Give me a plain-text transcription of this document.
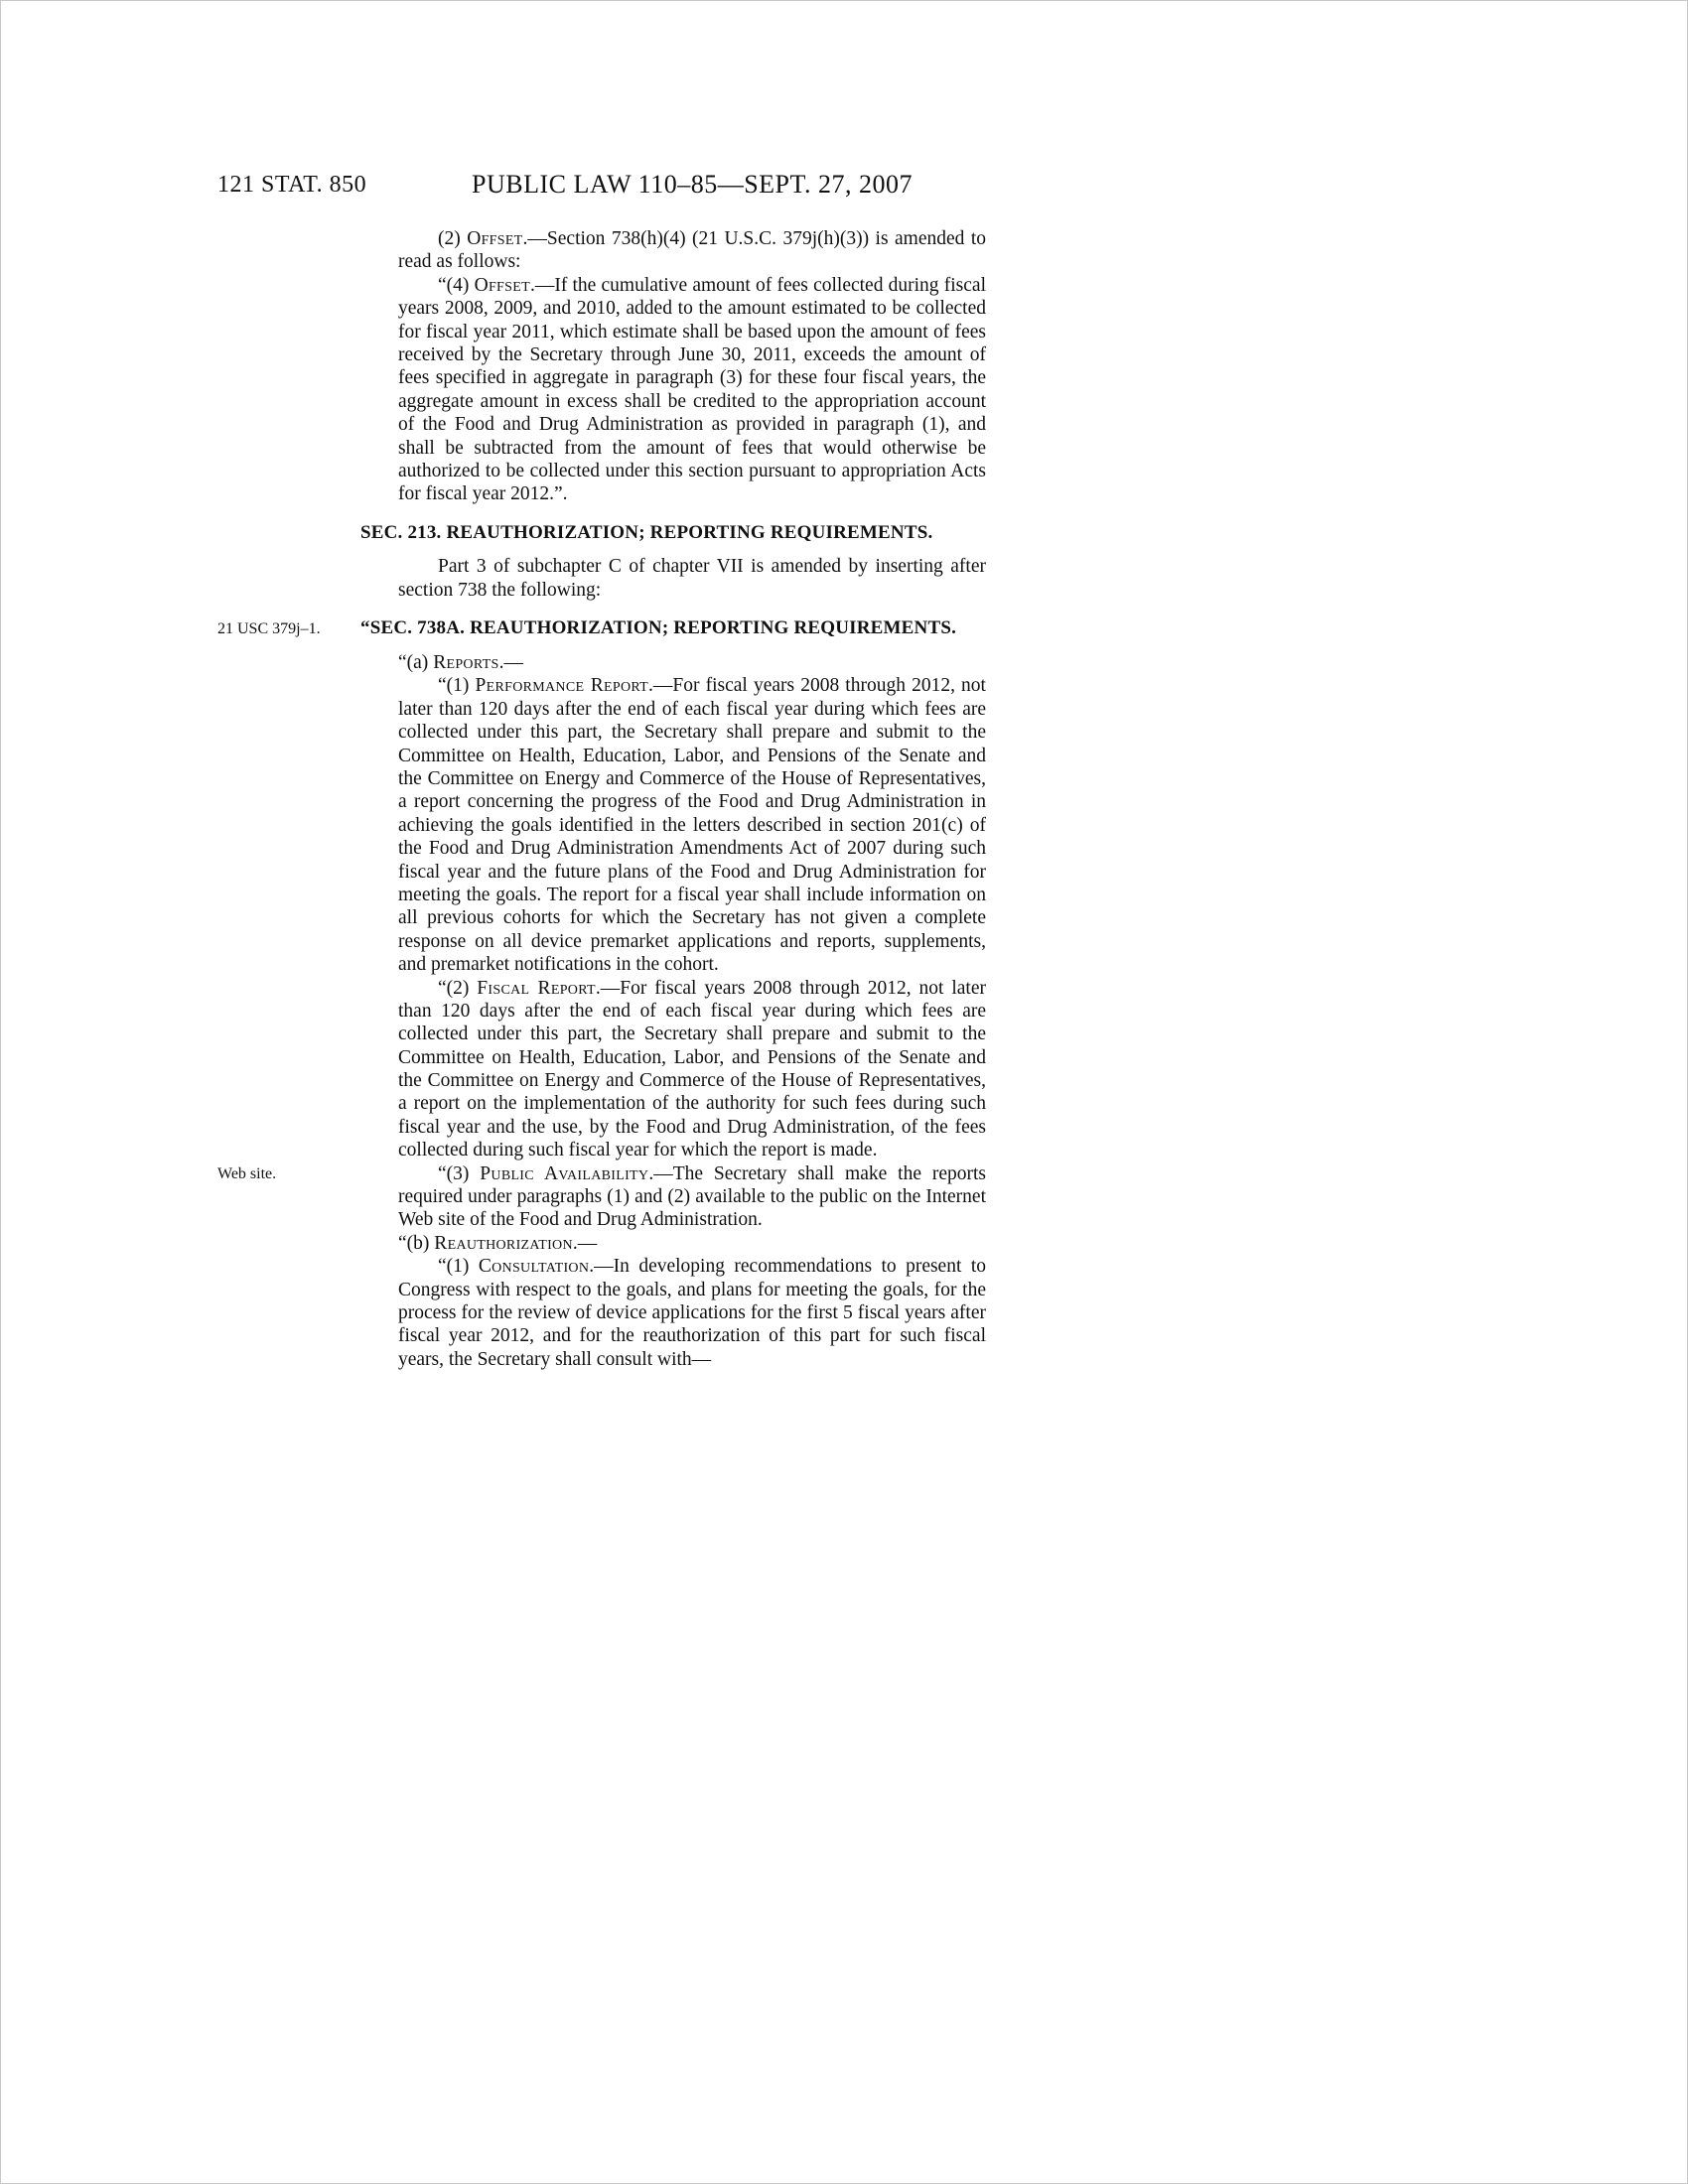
121 STAT. 850	PUBLIC LAW 110–85—SEPT. 27, 2007

(2) Offset.—Section 738(h)(4) (21 U.S.C. 379j(h)(3)) is amended to read as follows:

“(4) Offset.—If the cumulative amount of fees collected during fiscal years 2008, 2009, and 2010, added to the amount estimated to be collected for fiscal year 2011, which estimate shall be based upon the amount of fees received by the Secretary through June 30, 2011, exceeds the amount of fees specified in aggregate in paragraph (3) for these four fiscal years, the aggregate amount in excess shall be credited to the appropriation account of the Food and Drug Administration as provided in paragraph (1), and shall be subtracted from the amount of fees that would otherwise be authorized to be collected under this section pursuant to appropriation Acts for fiscal year 2012.”.

SEC. 213. REAUTHORIZATION; REPORTING REQUIREMENTS.

Part 3 of subchapter C of chapter VII is amended by inserting after section 738 the following:

21 USC 379j–1.	“SEC. 738A. REAUTHORIZATION; REPORTING REQUIREMENTS.

“(a) Reports.—

“(1) Performance Report.—For fiscal years 2008 through 2012, not later than 120 days after the end of each fiscal year during which fees are collected under this part, the Secretary shall prepare and submit to the Committee on Health, Education, Labor, and Pensions of the Senate and the Committee on Energy and Commerce of the House of Representatives, a report concerning the progress of the Food and Drug Administration in achieving the goals identified in the letters described in section 201(c) of the Food and Drug Administration Amendments Act of 2007 during such fiscal year and the future plans of the Food and Drug Administration for meeting the goals. The report for a fiscal year shall include information on all previous cohorts for which the Secretary has not given a complete response on all device premarket applications and reports, supplements, and premarket notifications in the cohort.

“(2) Fiscal Report.—For fiscal years 2008 through 2012, not later than 120 days after the end of each fiscal year during which fees are collected under this part, the Secretary shall prepare and submit to the Committee on Health, Education, Labor, and Pensions of the Senate and the Committee on Energy and Commerce of the House of Representatives, a report on the implementation of the authority for such fees during such fiscal year and the use, by the Food and Drug Administration, of the fees collected during such fiscal year for which the report is made.

Web site.	“(3) Public Availability.—The Secretary shall make the reports required under paragraphs (1) and (2) available to the public on the Internet Web site of the Food and Drug Administration.

“(b) Reauthorization.—

“(1) Consultation.—In developing recommendations to present to Congress with respect to the goals, and plans for meeting the goals, for the process for the review of device applications for the first 5 fiscal years after fiscal year 2012, and for the reauthorization of this part for such fiscal years, the Secretary shall consult with—
